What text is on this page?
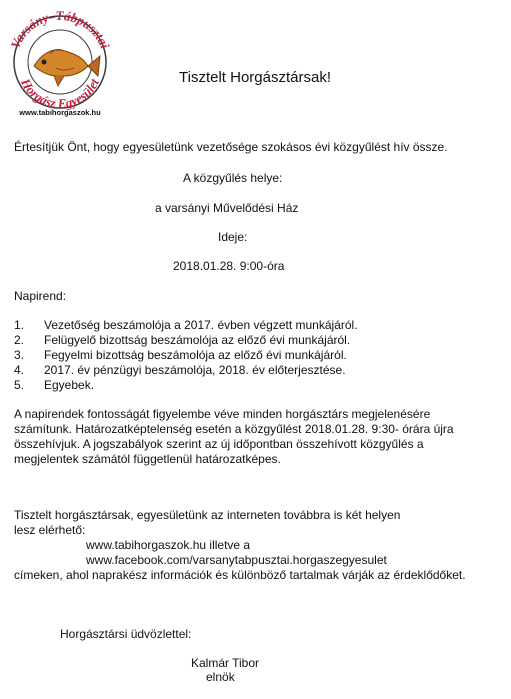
Varsány–Tábpusztai
Horgász Egyesület
www.tabihorgaszok.hu
Tisztelt Horgásztársak!
Értesítjük Önt, hogy egyesületünk vezetősége szokásos évi közgyűlést hív össze.
A közgyűlés helye:
a varsányi Művelődési Ház
Ideje:
2018.01.28. 9:00-óra
Napirend:
1. Vezetőség beszámolója a 2017. évben végzett munkájáról.
2. Felügyelő bizottság beszámolója az előző évi munkájáról.
3. Fegyelmi bizottság beszámolója az előző évi munkájáról.
4. 2017. év pénzügyi beszámolója, 2018. év előterjesztése.
5. Egyebek.
A napirendek fontosságát figyelembe véve minden horgásztárs megjelenésére számítunk. Határozatképtelenség esetén a közgyűlést 2018.01.28. 9:30- órára újra összehívjuk. A jogszabályok szerint az új időpontban összehívott közgyűlés a megjelentek számától függetlenül határozatképes.
Tisztelt horgásztársak, egyesületünk az interneten továbbra is két helyen lesz elérhető:
www.tabihorgaszok.hu illetve a
www.facebook.com/varsanytabpusztai.horgaszegyesulet
címeken, ahol naprakész információk és különböző tartalmak várják az érdeklődőket.
Horgásztársi üdvözlettel:
Kalmár Tibor
elnök
